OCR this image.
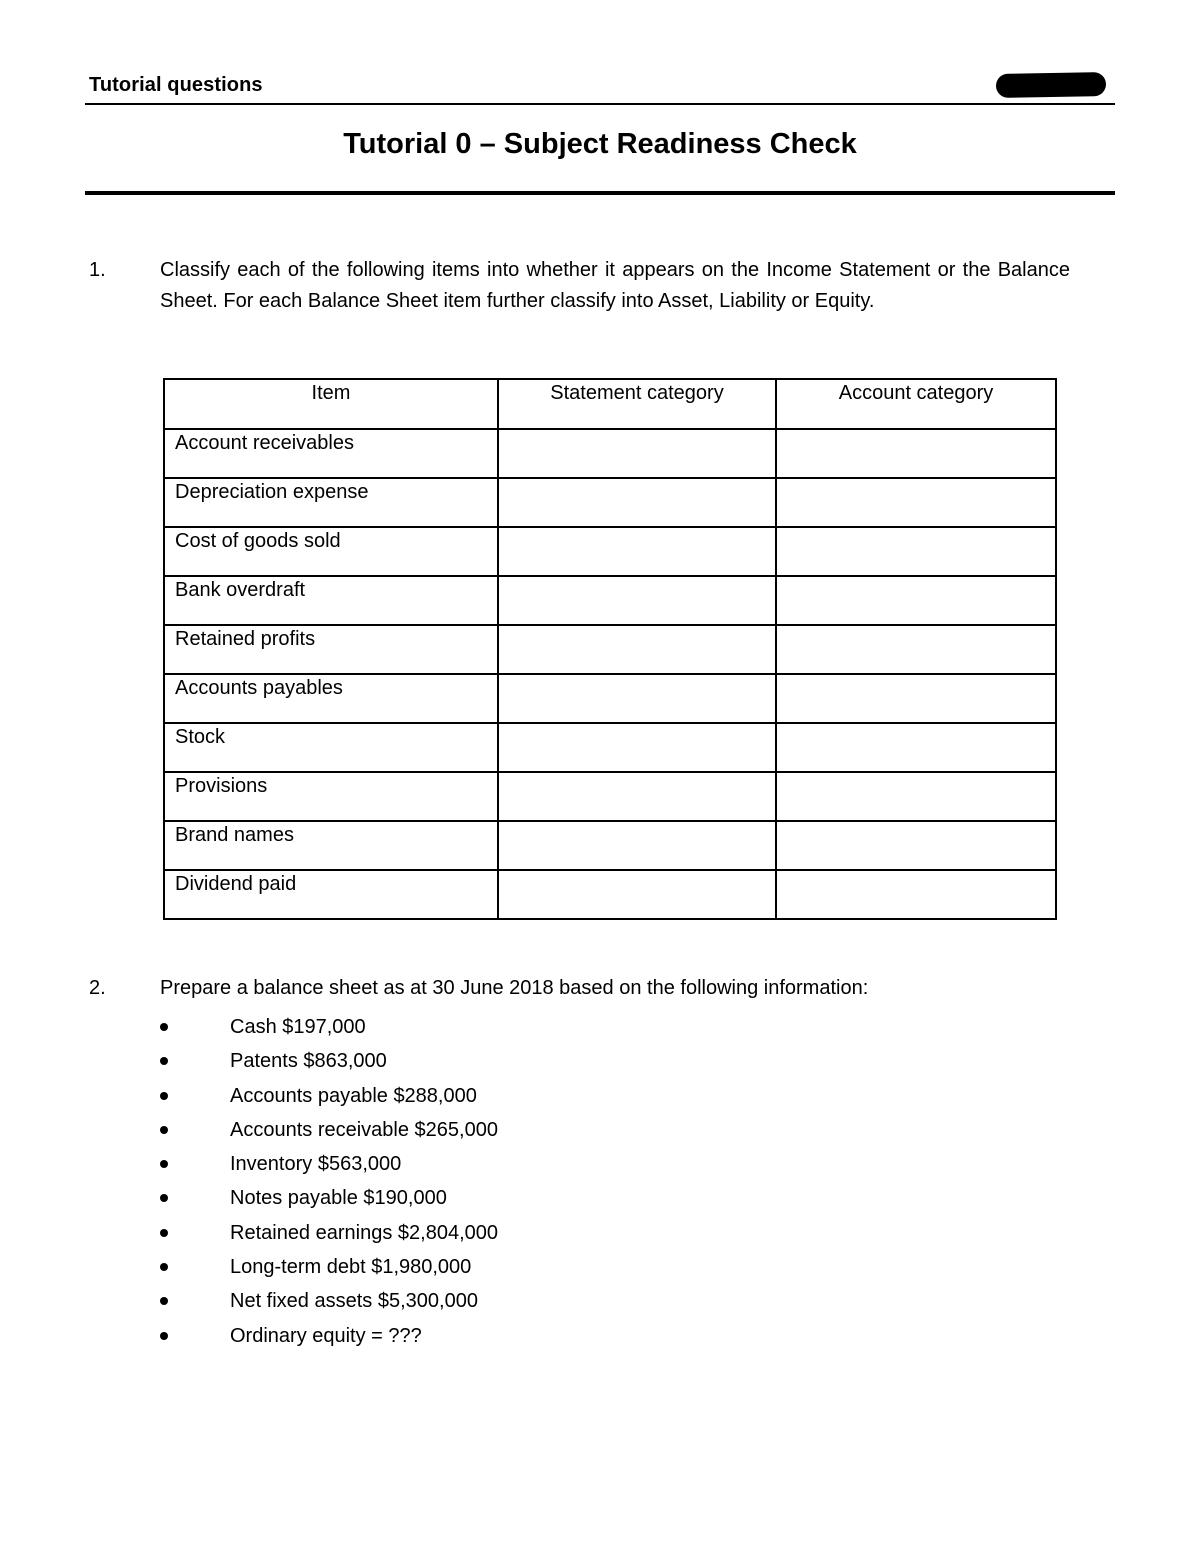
Tutorial questions
Tutorial 0 – Subject Readiness Check
1.	Classify each of the following items into whether it appears on the Income Statement or the Balance Sheet. For each Balance Sheet item further classify into Asset, Liability or Equity.
Item	Statement category	Account category
Account receivables		
Depreciation expense		
Cost of goods sold		
Bank overdraft		
Retained profits		
Accounts payables		
Stock		
Provisions		
Brand names		
Dividend paid		
2.	Prepare a balance sheet as at 30 June 2018 based on the following information:
Cash $197,000
Patents $863,000
Accounts payable $288,000
Accounts receivable $265,000
Inventory $563,000
Notes payable $190,000
Retained earnings $2,804,000
Long-term debt $1,980,000
Net fixed assets $5,300,000
Ordinary equity = ???
